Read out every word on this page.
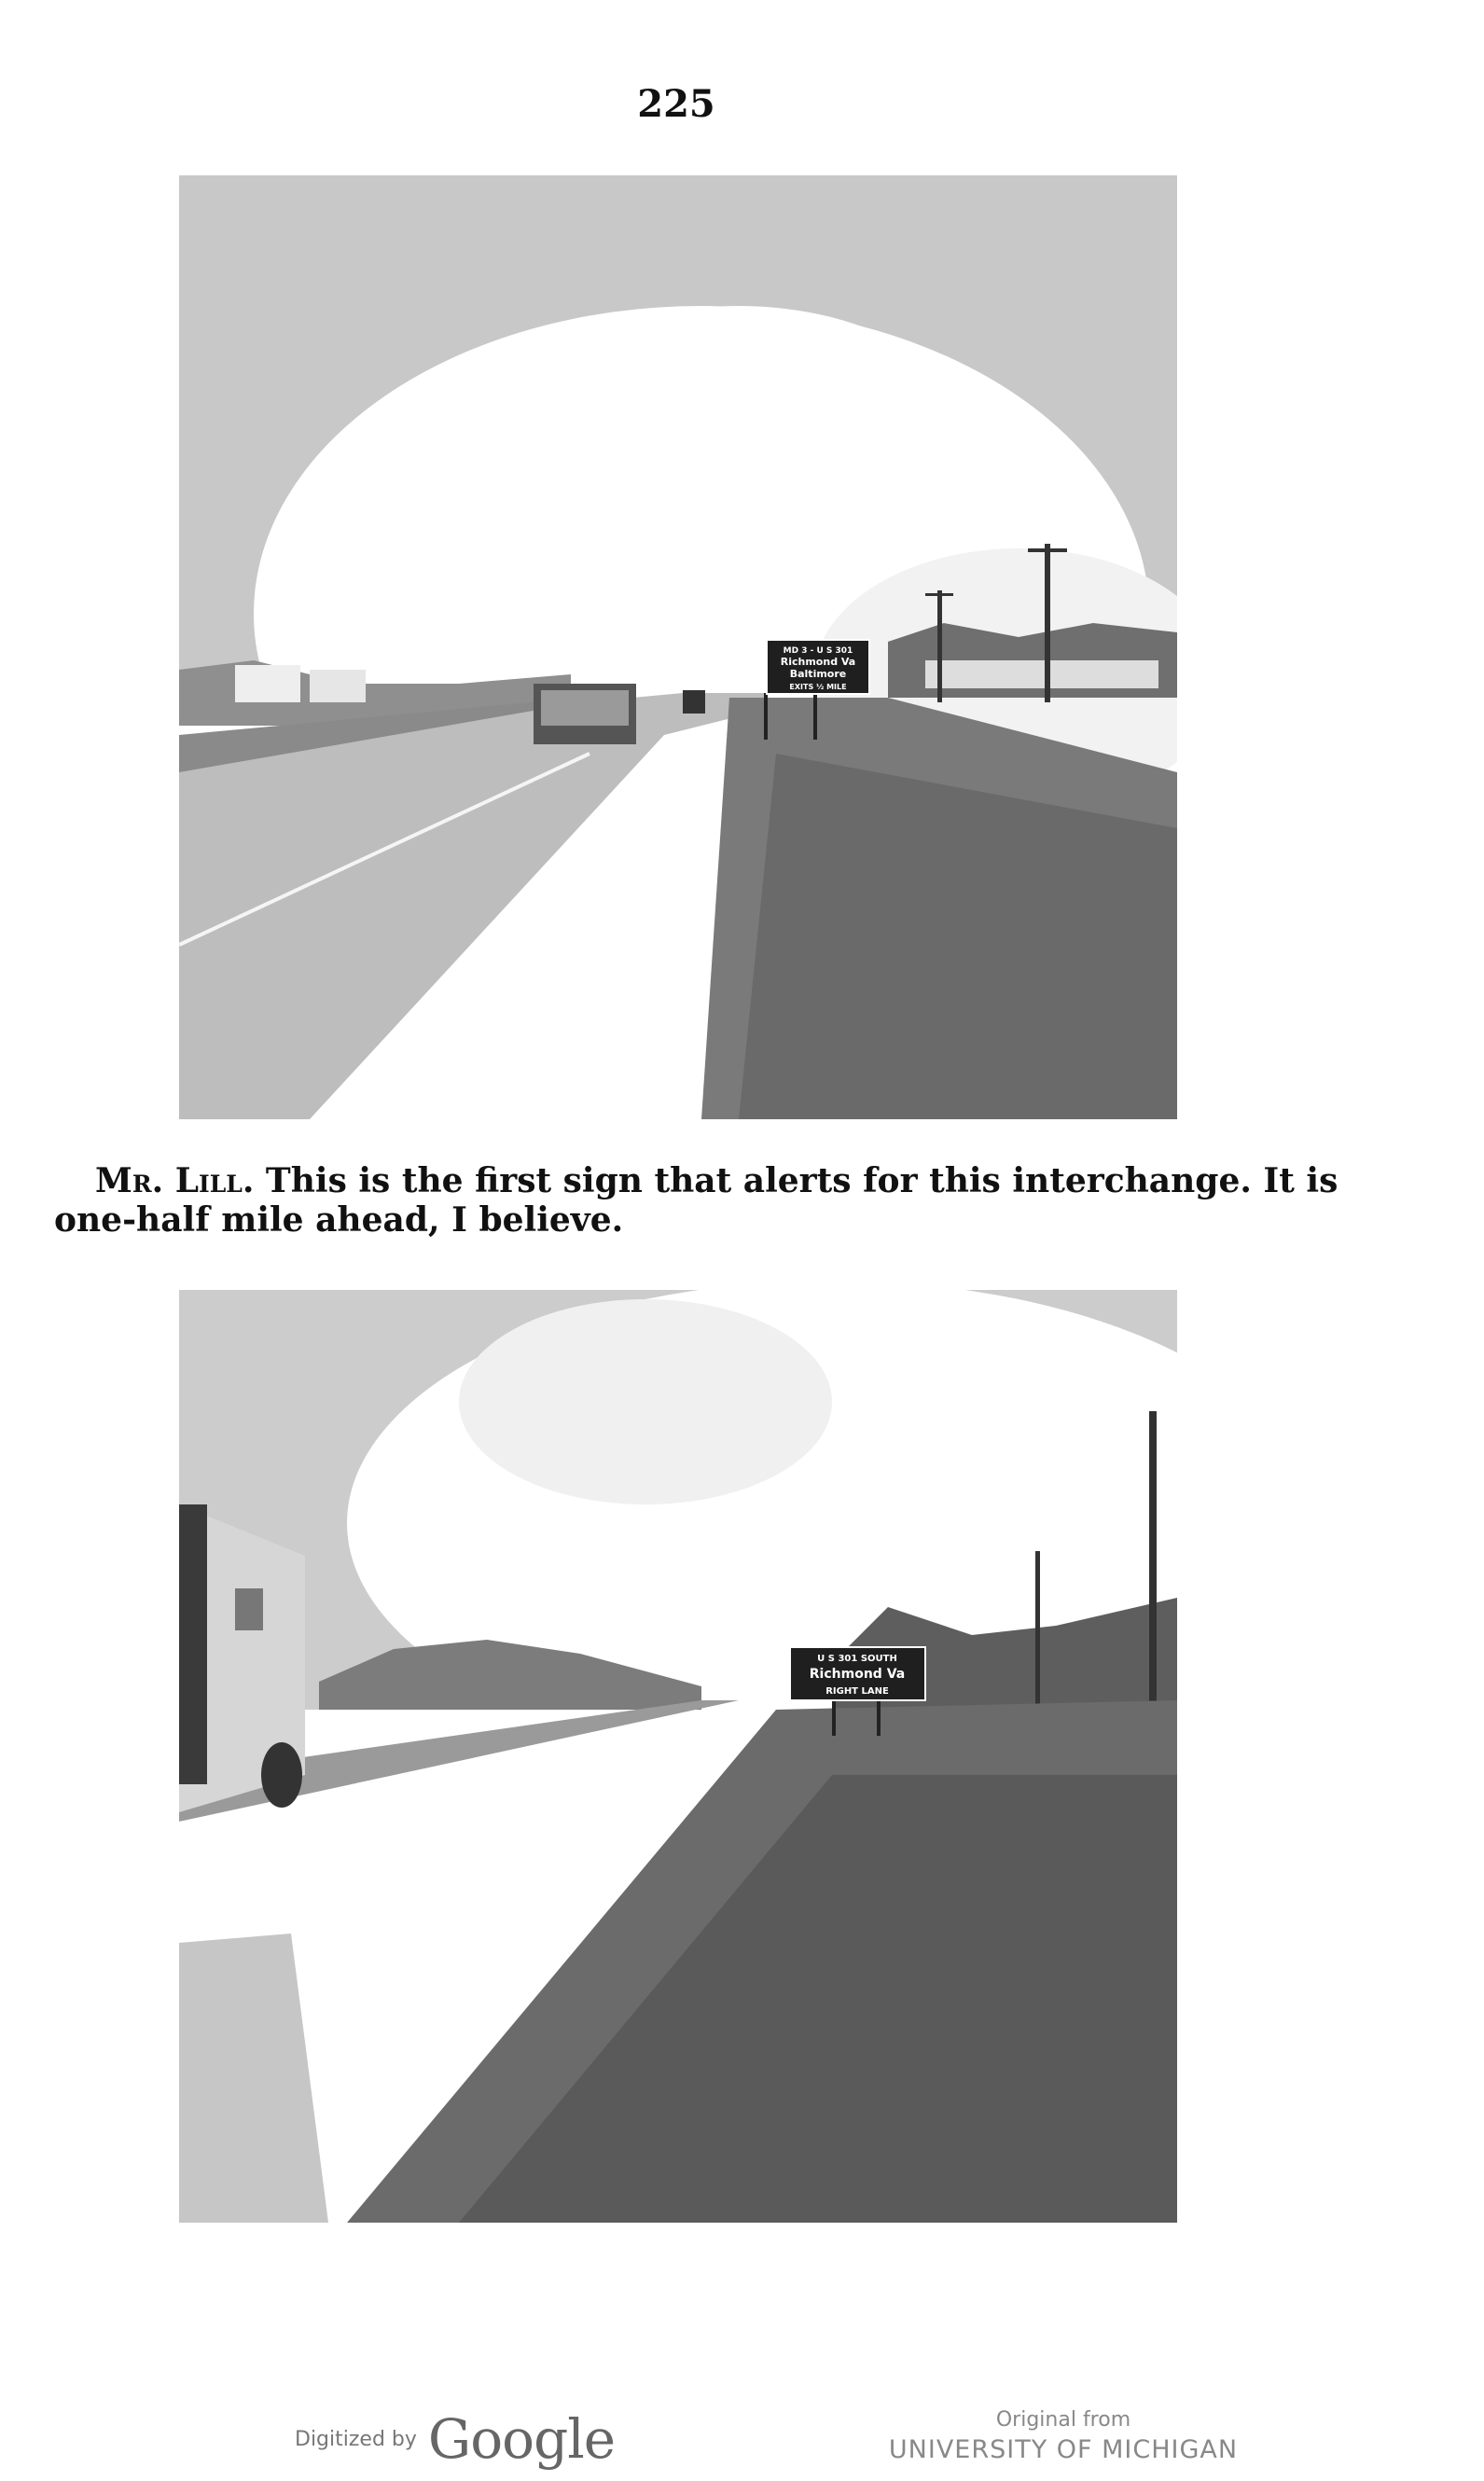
225
MD 3 - U S 301
Richmond Va
Baltimore
EXITS ½ MILE
Mr. Lill. This is the first sign that alerts for this interchange. It is one-half mile ahead, I believe.
U S 301 SOUTH
Richmond Va
RIGHT LANE
Digitized by Google	Original from
UNIVERSITY OF MICHIGAN
